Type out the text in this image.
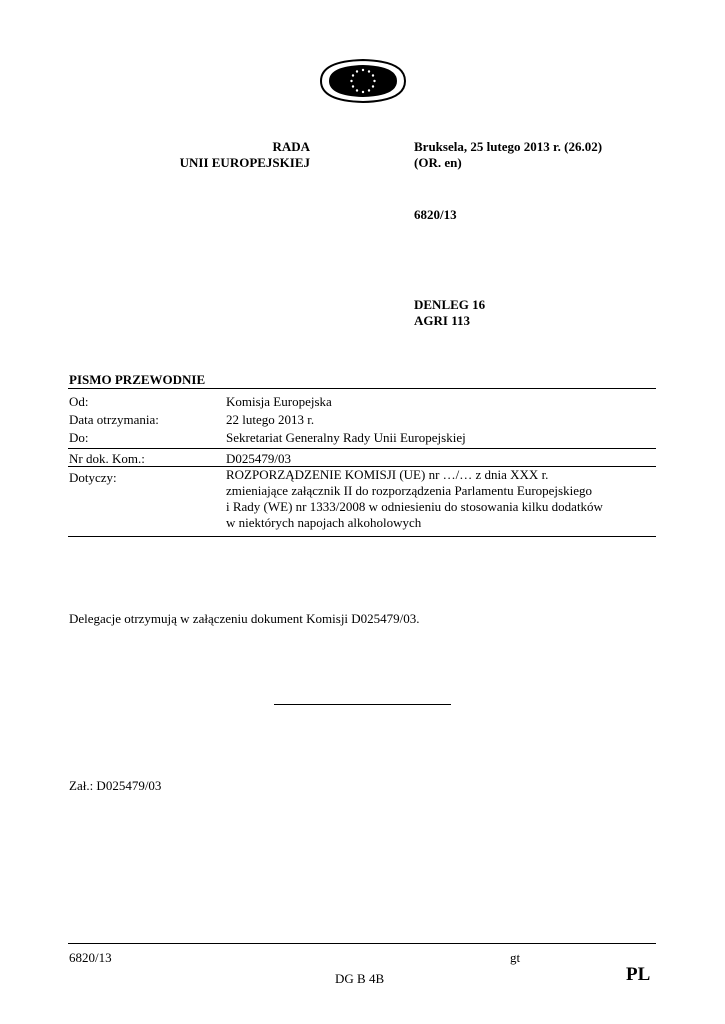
RADA
UNII EUROPEJSKIEJ
Bruksela, 25 lutego 2013 r. (26.02)
(OR. en)
6820/13
DENLEG 16
AGRI 113
PISMO PRZEWODNIE
Od:	Komisja Europejska
Data otrzymania:	22 lutego 2013 r.
Do:	Sekretariat Generalny Rady Unii Europejskiej
Nr dok. Kom.:	D025479/03
Dotyczy:	ROZPORZĄDZENIE KOMISJI (UE) nr …/… z dnia XXX r.
zmieniające załącznik II do rozporządzenia Parlamentu Europejskiego
i Rady (WE) nr 1333/2008 w odniesieniu do stosowania kilku dodatków
w niektórych napojach alkoholowych
Delegacje otrzymują w załączeniu dokument Komisji D025479/03.
Zał.: D025479/03
6820/13	gt
DG B 4B	PL
